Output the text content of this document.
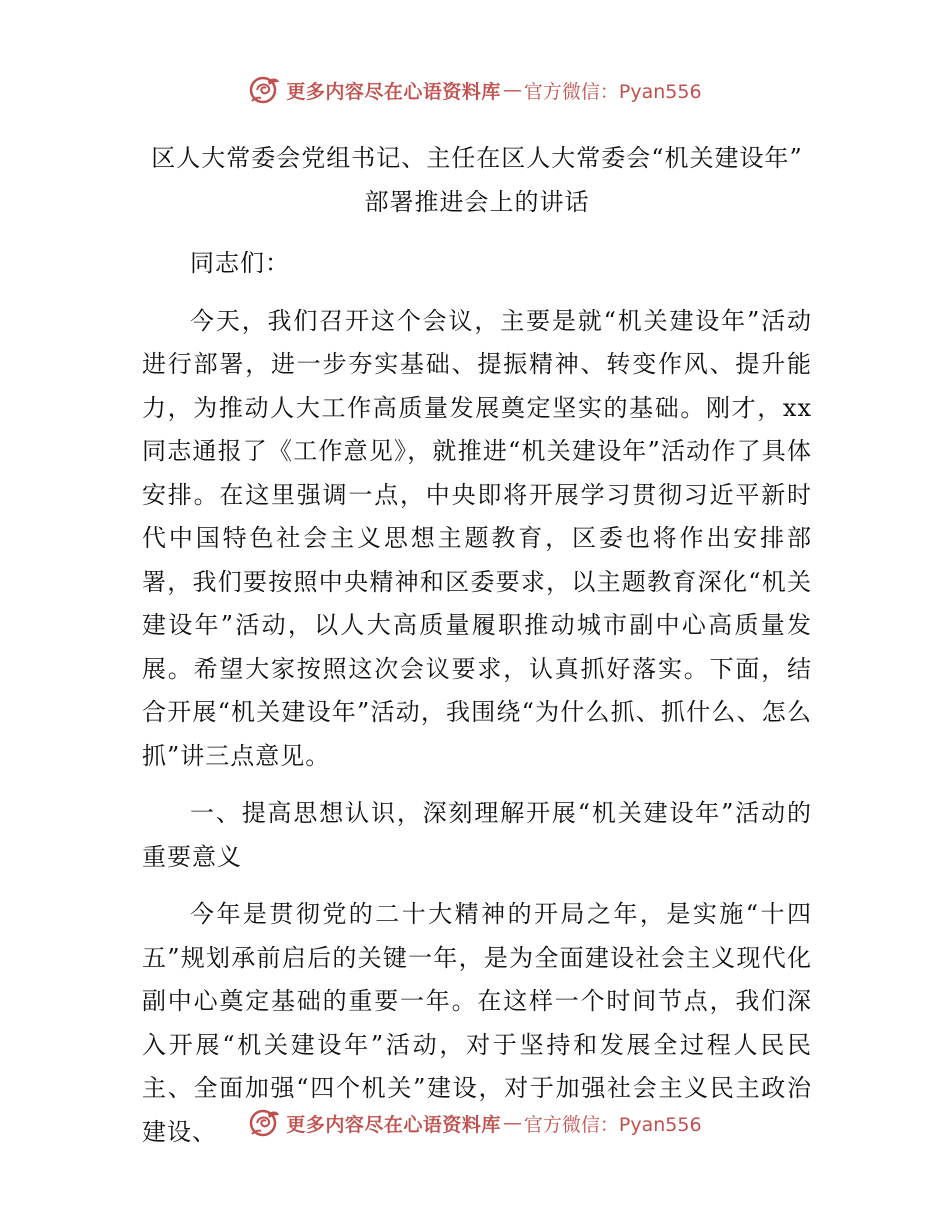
更多内容尽在心语资料库 — 官方微信：Pyan556

区人大常委会党组书记、主任在区人大常委会“机关建设年”

部署推进会上的讲话

同志们：

今天，我们召开这个会议，主要是就“机关建设年”活动进行部署，进一步夯实基础、提振精神、转变作风、提升能力，为推动人大工作高质量发展奠定坚实的基础。刚才，xx同志通报了《工作意见》，就推进“机关建设年”活动作了具体安排。在这里强调一点，中央即将开展学习贯彻习近平新时代中国特色社会主义思想主题教育，区委也将作出安排部署，我们要按照中央精神和区委要求，以主题教育深化“机关建设年”活动，以人大高质量履职推动城市副中心高质量发展。希望大家按照这次会议要求，认真抓好落实。下面，结合开展“机关建设年”活动，我围绕“为什么抓、抓什么、怎么抓”讲三点意见。

一、提高思想认识，深刻理解开展“机关建设年”活动的重要意义

今年是贯彻党的二十大精神的开局之年，是实施“十四五”规划承前启后的关键一年，是为全面建设社会主义现代化副中心奠定基础的重要一年。在这样一个时间节点，我们深入开展“机关建设年”活动，对于坚持和发展全过程人民民主、全面加强“四个机关”建设，对于加强社会主义民主政治建设、	更多内容尽在心语资料库 — 官方微信：Pyan556
